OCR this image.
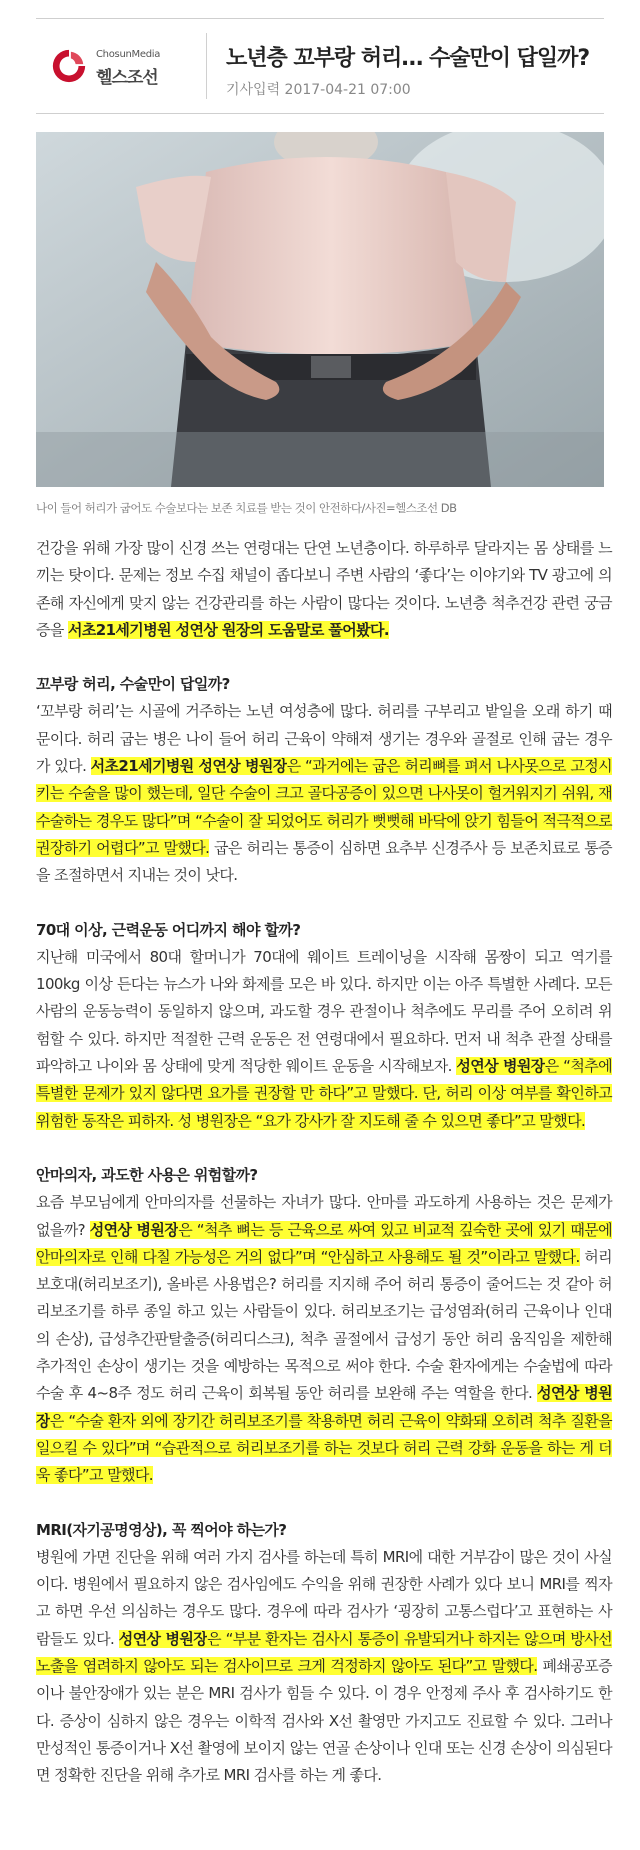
ChosunMedia
헬스조선
노년층 꼬부랑 허리… 수술만이 답일까?
기사입력 2017-04-21 07:00
나이 들어 허리가 굽어도 수술보다는 보존 치료를 받는 것이 안전하다/사진=헬스조선 DB

건강을 위해 가장 많이 신경 쓰는 연령대는 단연 노년층이다. 하루하루 달라지는 몸 상태를 느끼는 탓이다. 문제는 정보 수집 채널이 좁다보니 주변 사람의 ‘좋다’는 이야기와 TV 광고에 의존해 자신에게 맞지 않는 건강관리를 하는 사람이 많다는 것이다. 노년층 척추건강 관련 궁금증을 서초21세기병원 성연상 원장의 도움말로 풀어봤다.

꼬부랑 허리, 수술만이 답일까?

‘꼬부랑 허리’는 시골에 거주하는 노년 여성층에 많다. 허리를 구부리고 밭일을 오래 하기 때문이다. 허리 굽는 병은 나이 들어 허리 근육이 약해져 생기는 경우와 골절로 인해 굽는 경우가 있다. 서초21세기병원 성연상 병원장은 “과거에는 굽은 허리뼈를 펴서 나사못으로 고정시키는 수술을 많이 했는데, 일단 수술이 크고 골다공증이 있으면 나사못이 헐거워지기 쉬워, 재수술하는 경우도 많다”며 “수술이 잘 되었어도 허리가 뻣뻣해 바닥에 앉기 힘들어 적극적으로 권장하기 어렵다”고 말했다. 굽은 허리는 통증이 심하면 요추부 신경주사 등 보존치료로 통증을 조절하면서 지내는 것이 낫다.

70대 이상, 근력운동 어디까지 해야 할까?

지난해 미국에서 80대 할머니가 70대에 웨이트 트레이닝을 시작해 몸짱이 되고 역기를 100kg 이상 든다는 뉴스가 나와 화제를 모은 바 있다. 하지만 이는 아주 특별한 사례다. 모든 사람의 운동능력이 동일하지 않으며, 과도할 경우 관절이나 척추에도 무리를 주어 오히려 위험할 수 있다. 하지만 적절한 근력 운동은 전 연령대에서 필요하다. 먼저 내 척추 관절 상태를 파악하고 나이와 몸 상태에 맞게 적당한 웨이트 운동을 시작해보자. 성연상 병원장은 “척추에 특별한 문제가 있지 않다면 요가를 권장할 만 하다”고 말했다. 단, 허리 이상 여부를 확인하고 위험한 동작은 피하자. 성 병원장은 “요가 강사가 잘 지도해 줄 수 있으면 좋다”고 말했다.

안마의자, 과도한 사용은 위험할까?

요즘 부모님에게 안마의자를 선물하는 자녀가 많다. 안마를 과도하게 사용하는 것은 문제가 없을까? 성연상 병원장은 “척추 뼈는 등 근육으로 싸여 있고 비교적 깊숙한 곳에 있기 때문에 안마의자로 인해 다칠 가능성은 거의 없다”며 “안심하고 사용해도 될 것”이라고 말했다. 허리보호대(허리보조기), 올바른 사용법은? 허리를 지지해 주어 허리 통증이 줄어드는 것 같아 허리보조기를 하루 종일 하고 있는 사람들이 있다. 허리보조기는 급성염좌(허리 근육이나 인대의 손상), 급성추간판탈출증(허리디스크), 척추 골절에서 급성기 동안 허리 움직임을 제한해 추가적인 손상이 생기는 것을 예방하는 목적으로 써야 한다. 수술 환자에게는 수술법에 따라 수술 후 4~8주 정도 허리 근육이 회복될 동안 허리를 보완해 주는 역할을 한다. 성연상 병원장은 “수술 환자 외에 장기간 허리보조기를 착용하면 허리 근육이 약화돼 오히려 척추 질환을 일으킬 수 있다”며 “습관적으로 허리보조기를 하는 것보다 허리 근력 강화 운동을 하는 게 더욱 좋다”고 말했다.

MRI(자기공명영상), 꼭 찍어야 하는가?

병원에 가면 진단을 위해 여러 가지 검사를 하는데 특히 MRI에 대한 거부감이 많은 것이 사실이다. 병원에서 필요하지 않은 검사임에도 수익을 위해 권장한 사례가 있다 보니 MRI를 찍자고 하면 우선 의심하는 경우도 많다. 경우에 따라 검사가 ‘굉장히 고통스럽다’고 표현하는 사람들도 있다. 성연상 병원장은 “부분 환자는 검사시 통증이 유발되거나 하지는 않으며 방사선 노출을 염려하지 않아도 되는 검사이므로 크게 걱정하지 않아도 된다”고 말했다. 폐쇄공포증이나 불안장애가 있는 분은 MRI 검사가 힘들 수 있다. 이 경우 안정제 주사 후 검사하기도 한다. 증상이 심하지 않은 경우는 이학적 검사와 X선 촬영만 가지고도 진료할 수 있다. 그러나 만성적인 통증이거나 X선 촬영에 보이지 않는 연골 손상이나 인대 또는 신경 손상이 의심된다면 정확한 진단을 위해 추가로 MRI 검사를 하는 게 좋다.
